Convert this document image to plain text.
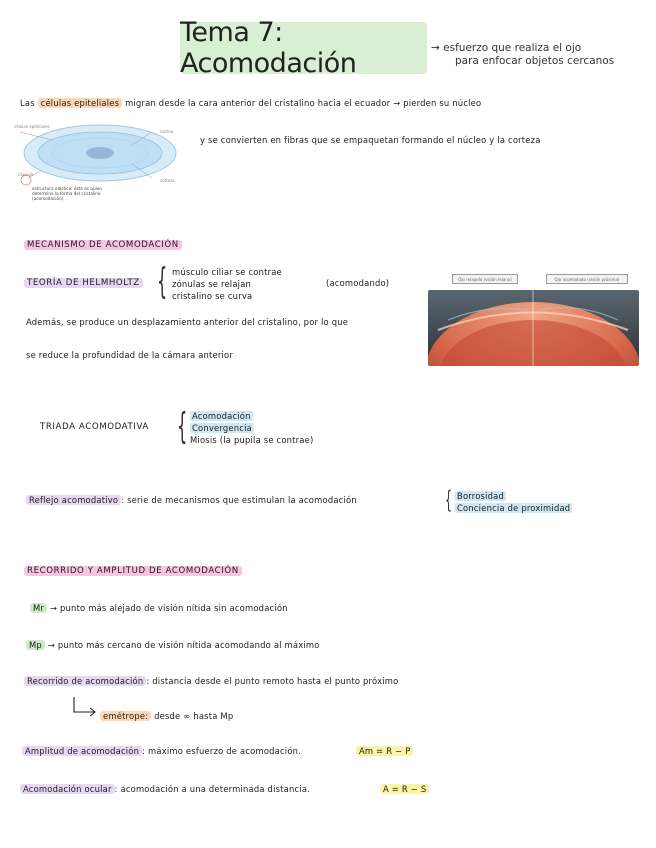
Tema 7: Acomodación	→ esfuerzo que realiza el ojo
para enfocar objetos cercanos
Las células epiteliales migran desde la cara anterior del cristalino hacia el ecuador → pierden su núcleo
y se convierten en fibras que se empaquetan formando el núcleo y la corteza
células epiteliales
núcleo
corteza
cápsula
estructura elástica: ésta es quien determina la forma del cristalino (acomodación)
MECANISMO DE ACOMODACIÓN
TEORÍA DE HELMHOLTZ { músculo ciliar se contrae
zónulas se relajan
cristalino se curva
(acomodando)
Además, se produce un desplazamiento anterior del cristalino, por lo que
se reduce la profundidad de la cámara anterior
Ojo relajado (visión lejana)	Ojo acomodado (visión próxima)
TRIADA ACOMODATIVA { Acomodación
Convergencia
Miosis (la pupila se contrae)
Reflejo acomodativo : serie de mecanismos que estimulan la acomodación	{ Borrosidad
Conciencia de proximidad
RECORRIDO Y AMPLITUD DE ACOMODACIÓN
Mr → punto más alejado de visión nítida sin acomodación
Mp → punto más cercano de visión nítida acomodando al máximo
Recorrido de acomodación : distancia desde el punto remoto hasta el punto próximo
emétrope: desde ∞ hasta Mp
Amplitud de acomodación : máximo esfuerzo de acomodación.	Am = R − P
Acomodación ocular : acomodación a una determinada distancia.	A = R − S
